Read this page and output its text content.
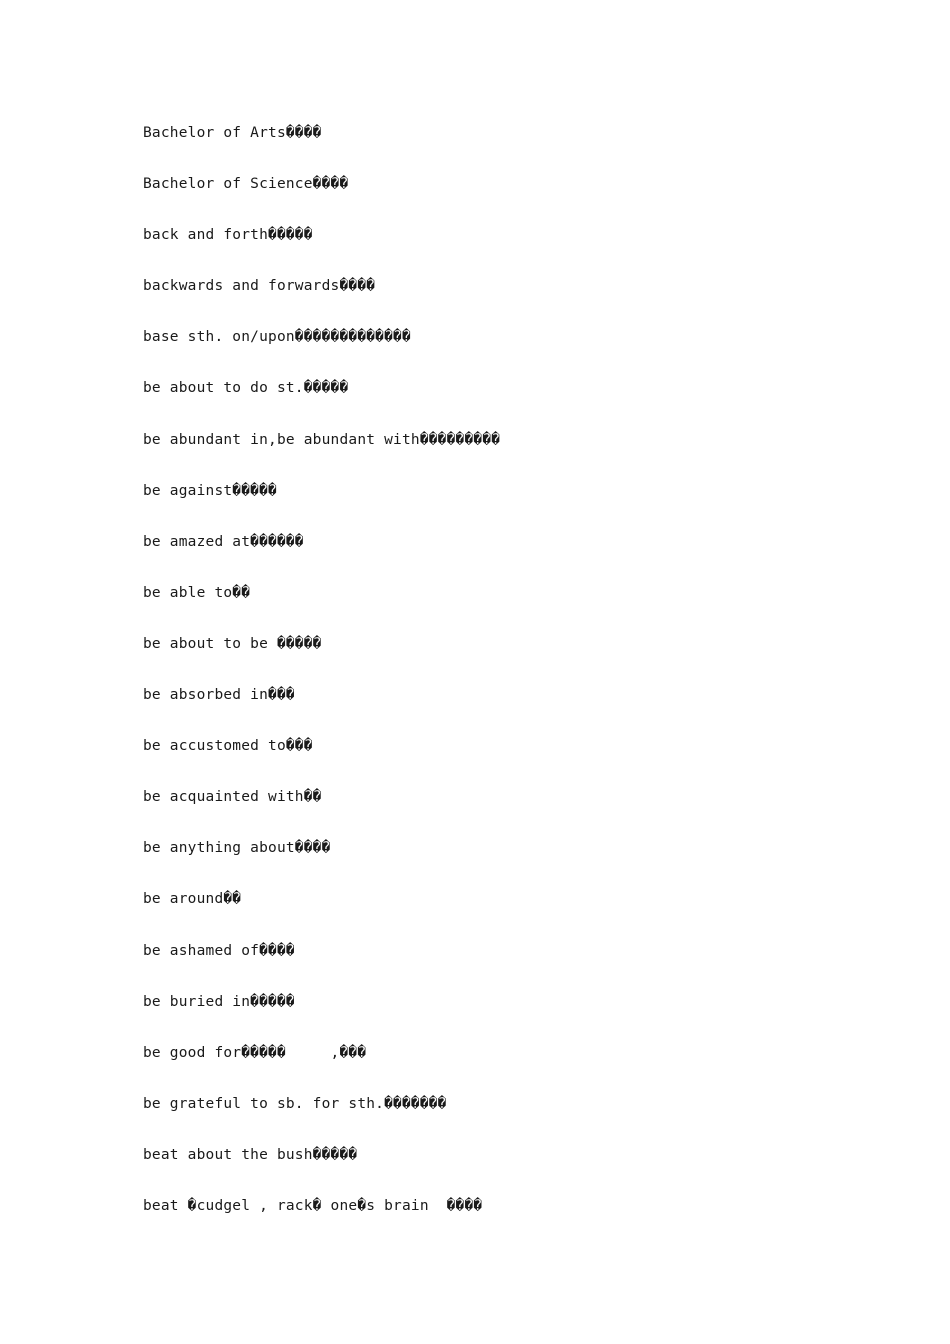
Bachelor of Arts����
Bachelor of Science����
back and forth�����
backwards and forwards����
base sth. on/upon�������������
be about to do st.�����
be abundant in,be abundant with���������
be against�����
be amazed at������
be able to��
be about to be �����
be absorbed in���
be accustomed to���
be acquainted with��
be anything about����
be around��
be ashamed of����
be buried in�����
be good for�����     ,���
be grateful to sb. for sth.�������
beat about the bush�����
beat �cudgel , rack� one�s brain  ����
